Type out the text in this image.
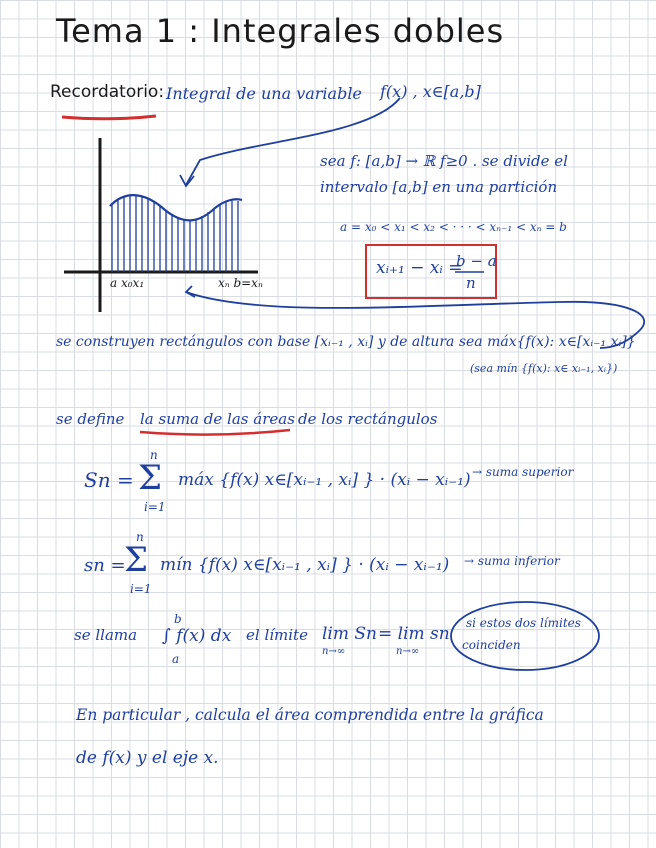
Tema 1 : Integrales dobles
Recordatorio: Integral de una variable f(x) , x∈[a,b]
a x₀x₁	xₙ b=xₙ
sea f: [a,b] → ℝ f≥0 . se divide el
intervalo [a,b] en una partición
a = x₀ < x₁ < x₂ < · · · < xₙ₋₁ < xₙ = b
xᵢ₊₁ − xᵢ =
b − a
n
se construyen rectángulos con base [xᵢ₋₁ , xᵢ] y de altura sea máx{f(x): x∈[xᵢ₋₁ xᵢ]}
(sea mín {f(x): x∈ xᵢ₋₁, xᵢ})
se define la suma de las áreas de los rectángulos
Sn =
n
Σ
i=1
máx {f(x) x∈[xᵢ₋₁ , xᵢ] } · (xᵢ − xᵢ₋₁) → suma superior
sn =
n
Σ
i=1
mín {f(x) x∈[xᵢ₋₁ , xᵢ] } · (xᵢ − xᵢ₋₁) → suma inferior
se llama
b
∫ f(x) dx
a
el límite lim Sn
n→∞
= lim sn
n→∞
si estos dos límites
coinciden
En particular , calcula el área comprendida entre la gráfica
de f(x) y el eje x.
